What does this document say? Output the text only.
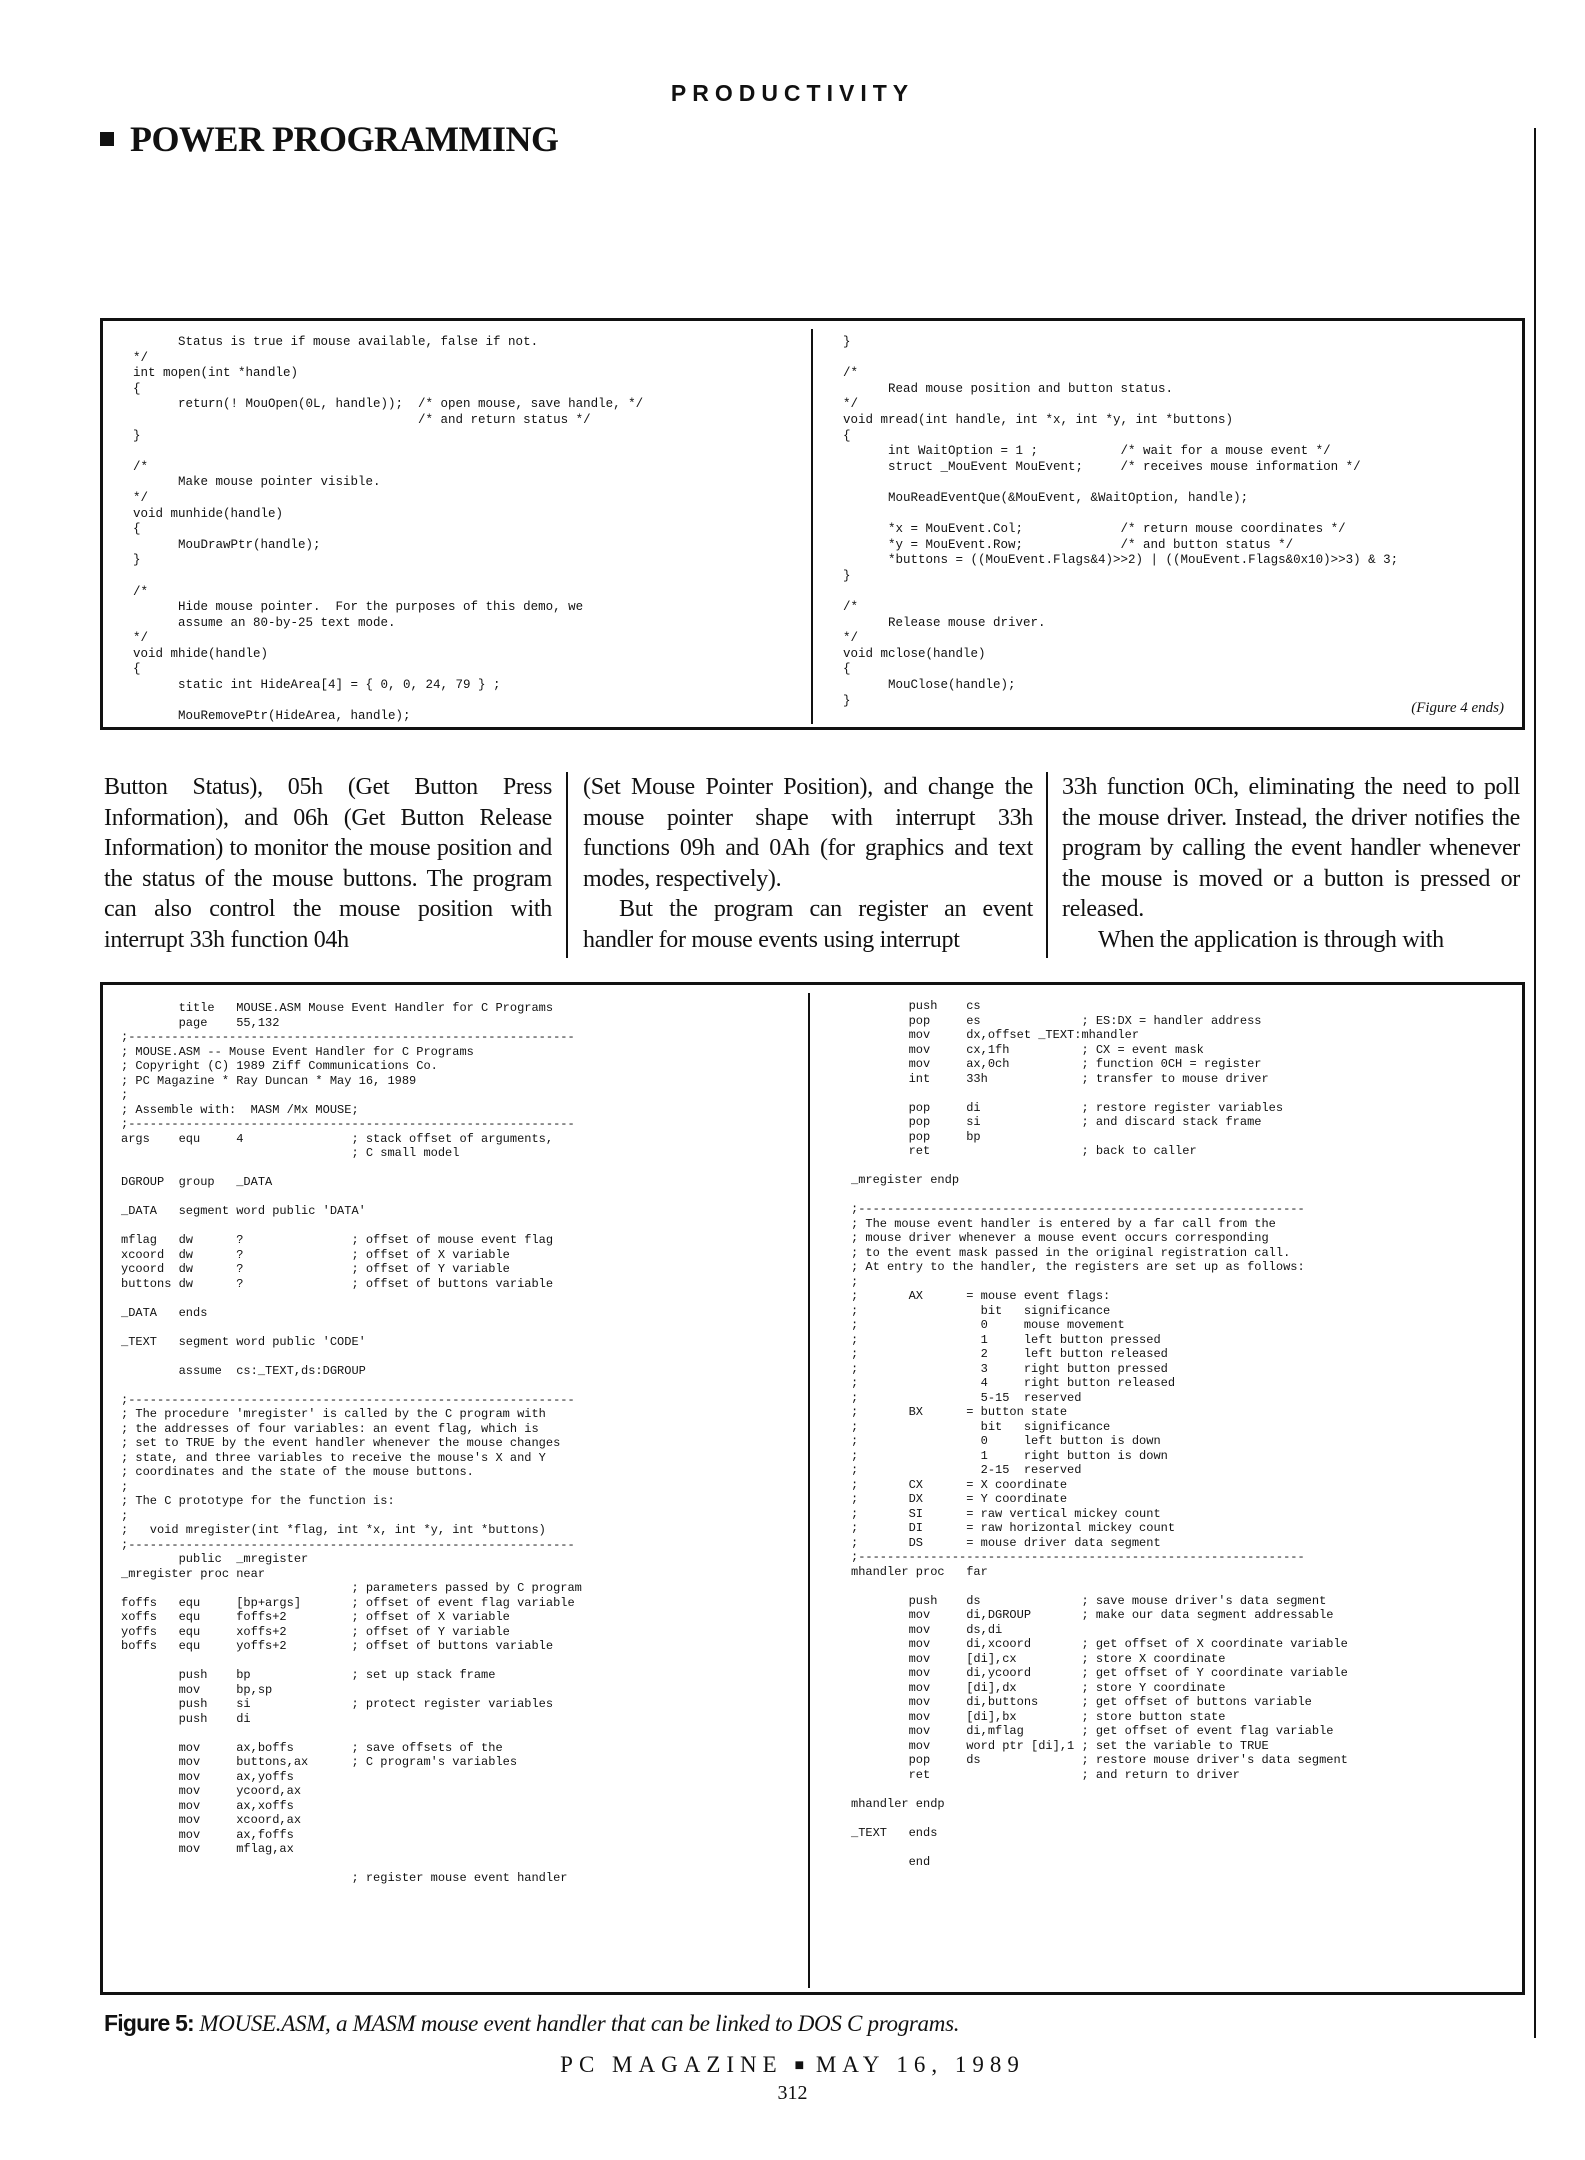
PRODUCTIVITY
POWER PROGRAMMING
Status is true if mouse available, false if not.
*/
int mopen(int *handle)
{
return(! MouOpen(0L, handle));  /* open mouse, save handle, */
/* and return status */
}

/*
Make mouse pointer visible.
*/
void munhide(handle)
{
MouDrawPtr(handle);
}

/*
Hide mouse pointer.  For the purposes of this demo, we
assume an 80-by-25 text mode.
*/
void mhide(handle)
{
static int HideArea[4] = { 0, 0, 24, 79 } ;

MouRemovePtr(HideArea, handle);
}

/*
Read mouse position and button status.
*/
void mread(int handle, int *x, int *y, int *buttons)
{
int WaitOption = 1 ;           /* wait for a mouse event */
struct _MouEvent MouEvent;     /* receives mouse information */

MouReadEventQue(&MouEvent, &WaitOption, handle);

*x = MouEvent.Col;             /* return mouse coordinates */
*y = MouEvent.Row;             /* and button status */
*buttons = ((MouEvent.Flags&4)>>2) | ((MouEvent.Flags&0x10)>>3) & 3;
}

/*
Release mouse driver.
*/
void mclose(handle)
{
MouClose(handle);
}	(Figure 4 ends)

Button Status), 05h (Get Button Press Information), and 06h (Get Button Release Information) to monitor the mouse position and the status of the mouse buttons. The program can also control the mouse position with interrupt 33h function 04h

(Set Mouse Pointer Position), and change the mouse pointer shape with interrupt 33h functions 09h and 0Ah (for graphics and text modes, respectively).

But the program can register an event handler for mouse events using interrupt

33h function 0Ch, eliminating the need to poll the mouse driver. Instead, the driver notifies the program by calling the event handler whenever the mouse is moved or a button is pressed or released.

When the application is through with

title   MOUSE.ASM Mouse Event Handler for C Programs
page    55,132
;--------------------------------------------------------------
; MOUSE.ASM -- Mouse Event Handler for C Programs
; Copyright (C) 1989 Ziff Communications Co.
; PC Magazine * Ray Duncan * May 16, 1989
;
; Assemble with:  MASM /Mx MOUSE;
;--------------------------------------------------------------
args    equ     4               ; stack offset of arguments,
; C small model

DGROUP  group   _DATA

_DATA   segment word public 'DATA'

mflag   dw      ?               ; offset of mouse event flag
xcoord  dw      ?               ; offset of X variable
ycoord  dw      ?               ; offset of Y variable
buttons dw      ?               ; offset of buttons variable

_DATA   ends

_TEXT   segment word public 'CODE'

assume  cs:_TEXT,ds:DGROUP

;--------------------------------------------------------------
; The procedure 'mregister' is called by the C program with
; the addresses of four variables: an event flag, which is
; set to TRUE by the event handler whenever the mouse changes
; state, and three variables to receive the mouse's X and Y
; coordinates and the state of the mouse buttons.
;
; The C prototype for the function is:
;
;   void mregister(int *flag, int *x, int *y, int *buttons)
;--------------------------------------------------------------
public  _mregister
_mregister proc near
; parameters passed by C program
foffs   equ     [bp+args]       ; offset of event flag variable
xoffs   equ     foffs+2         ; offset of X variable
yoffs   equ     xoffs+2         ; offset of Y variable
boffs   equ     yoffs+2         ; offset of buttons variable

push    bp              ; set up stack frame
mov     bp,sp
push    si              ; protect register variables
push    di

mov     ax,boffs        ; save offsets of the
mov     buttons,ax      ; C program's variables
mov     ax,yoffs
mov     ycoord,ax
mov     ax,xoffs
mov     xcoord,ax
mov     ax,foffs
mov     mflag,ax

; register mouse event handler
push    cs
pop     es              ; ES:DX = handler address
mov     dx,offset _TEXT:mhandler
mov     cx,1fh          ; CX = event mask
mov     ax,0ch          ; function 0CH = register
int     33h             ; transfer to mouse driver

pop     di              ; restore register variables
pop     si              ; and discard stack frame
pop     bp
ret                     ; back to caller

_mregister endp

;--------------------------------------------------------------
; The mouse event handler is entered by a far call from the
; mouse driver whenever a mouse event occurs corresponding
; to the event mask passed in the original registration call.
; At entry to the handler, the registers are set up as follows:
;
;       AX      = mouse event flags:
;                 bit   significance
;                 0     mouse movement
;                 1     left button pressed
;                 2     left button released
;                 3     right button pressed
;                 4     right button released
;                 5-15  reserved
;       BX      = button state
;                 bit   significance
;                 0     left button is down
;                 1     right button is down
;                 2-15  reserved
;       CX      = X coordinate
;       DX      = Y coordinate
;       SI      = raw vertical mickey count
;       DI      = raw horizontal mickey count
;       DS      = mouse driver data segment
;--------------------------------------------------------------
mhandler proc   far

push    ds              ; save mouse driver's data segment
mov     di,DGROUP       ; make our data segment addressable
mov     ds,di
mov     di,xcoord       ; get offset of X coordinate variable
mov     [di],cx         ; store X coordinate
mov     di,ycoord       ; get offset of Y coordinate variable
mov     [di],dx         ; store Y coordinate
mov     di,buttons      ; get offset of buttons variable
mov     [di],bx         ; store button state
mov     di,mflag        ; get offset of event flag variable
mov     word ptr [di],1 ; set the variable to TRUE
pop     ds              ; restore mouse driver's data segment
ret                     ; and return to driver

mhandler endp

_TEXT   ends

end
Figure 5: MOUSE.ASM, a MASM mouse event handler that can be linked to DOS C programs.
PC MAGAZINE ■ MAY 16, 1989
312
